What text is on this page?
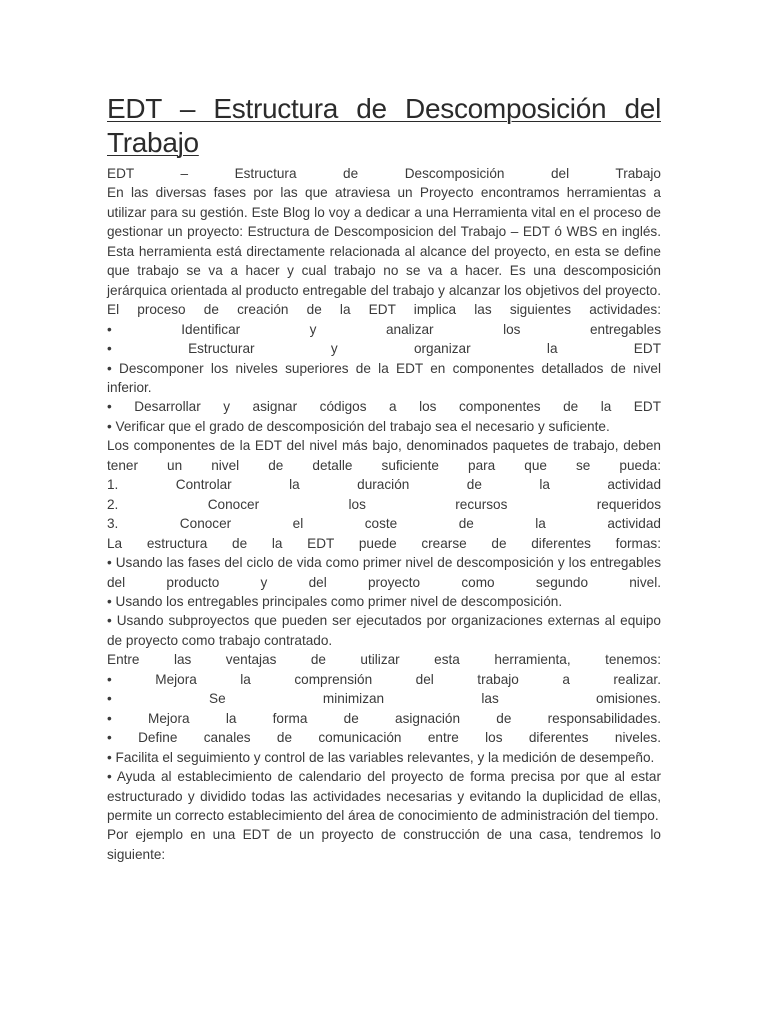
EDT – Estructura de Descomposición del
Trabajo

EDT – Estructura de Descomposición del Trabajo

En las diversas fases por las que atraviesa un Proyecto encontramos herramientas a utilizar para su gestión. Este Blog lo voy a dedicar a una Herramienta vital en el proceso de gestionar un proyecto: Estructura de Descomposicion del Trabajo – EDT ó WBS en inglés. Esta herramienta está directamente relacionada al alcance del proyecto, en esta se define que trabajo se va a hacer y cual trabajo no se va a hacer. Es una descomposición jerárquica orientada al producto entregable del trabajo y alcanzar los objetivos del proyecto.

El proceso de creación de la EDT implica las siguientes actividades:

• Identificar y analizar los entregables

• Estructurar y organizar la EDT

• Descomponer los niveles superiores de la EDT en componentes detallados de nivel inferior.

• Desarrollar y asignar códigos a los componentes de la EDT

• Verificar que el grado de descomposición del trabajo sea el necesario y suficiente.

Los componentes de la EDT del nivel más bajo, denominados paquetes de trabajo, deben tener un nivel de detalle suficiente para que se pueda:

1. Controlar la duración de la actividad

2. Conocer los recursos requeridos

3. Conocer el coste de la actividad

La estructura de la EDT puede crearse de diferentes formas:

• Usando las fases del ciclo de vida como primer nivel de descomposición y los entregables del producto y del proyecto como segundo nivel.

• Usando los entregables principales como primer nivel de descomposición.

• Usando subproyectos que pueden ser ejecutados por organizaciones externas al equipo de proyecto como trabajo contratado.

Entre las ventajas de utilizar esta herramienta, tenemos:

• Mejora la comprensión del trabajo a realizar.

• Se minimizan las omisiones.

• Mejora la forma de asignación de responsabilidades.

• Define canales de comunicación entre los diferentes niveles.

• Facilita el seguimiento y control de las variables relevantes, y la medición de desempeño.

• Ayuda al establecimiento de calendario del proyecto de forma precisa por que al estar estructurado y dividido todas las actividades necesarias y evitando la duplicidad de ellas, permite un correcto establecimiento del área de conocimiento de administración del tiempo.

Por ejemplo en una EDT de un proyecto de construcción de una casa, tendremos lo siguiente:
